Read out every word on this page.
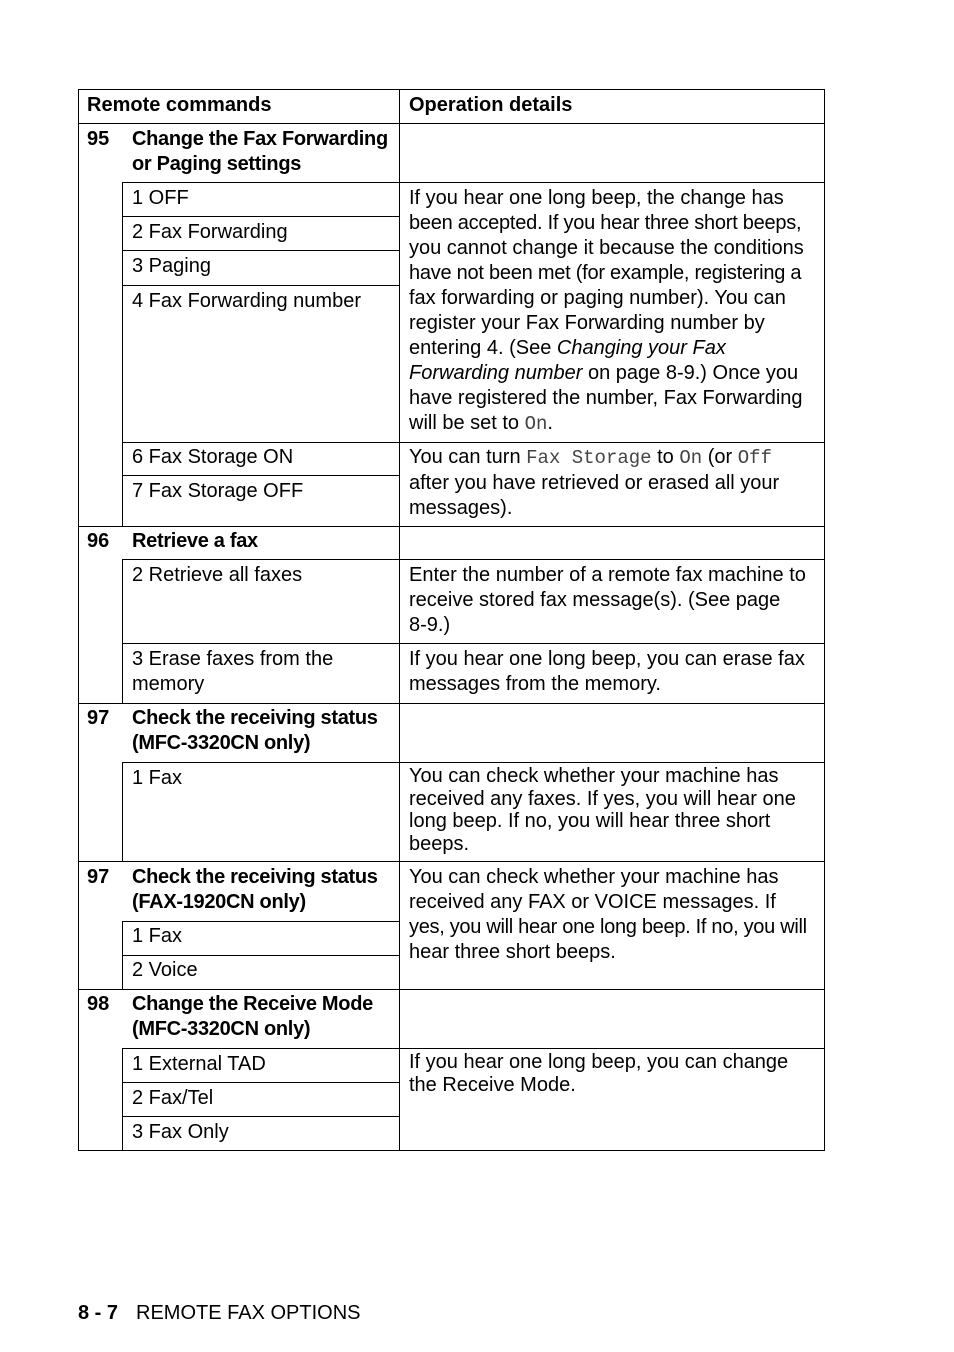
Remote commands	Operation details
95 Change the Fax Forwarding
or Paging settings
1 OFF
2 Fax Forwarding
3 Paging
4 Fax Forwarding number
6 Fax Storage ON
7 Fax Storage OFF
If you hear one long beep, the change has
been accepted. If you hear three short beeps,
you cannot change it because the conditions
have not been met (for example, registering a
fax forwarding or paging number). You can
register your Fax Forwarding number by
entering 4. (See Changing your Fax
Forwarding number on page 8-9.) Once you
have registered the number, Fax Forwarding
will be set to On.
You can turn Fax Storage to On (or Off
after you have retrieved or erased all your
messages).
96 Retrieve a fax
2 Retrieve all faxes
3 Erase faxes from the memory
Enter the number of a remote fax machine to
receive stored fax message(s). (See page
8-9.)
If you hear one long beep, you can erase fax
messages from the memory.
97 Check the receiving status
(MFC-3320CN only)
1 Fax	You can check whether your machine has
received any faxes. If yes, you will hear one
long beep. If no, you will hear three short
beeps.
97 Check the receiving status
(FAX-1920CN only)
1 Fax
2 Voice
You can check whether your machine has
received any FAX or VOICE messages. If
yes, you will hear one long beep. If no, you will
hear three short beeps.
98 Change the Receive Mode
(MFC-3320CN only)
1 External TAD
2 Fax/Tel
3 Fax Only
If you hear one long beep, you can change
the Receive Mode.
8 - 7 REMOTE FAX OPTIONS
